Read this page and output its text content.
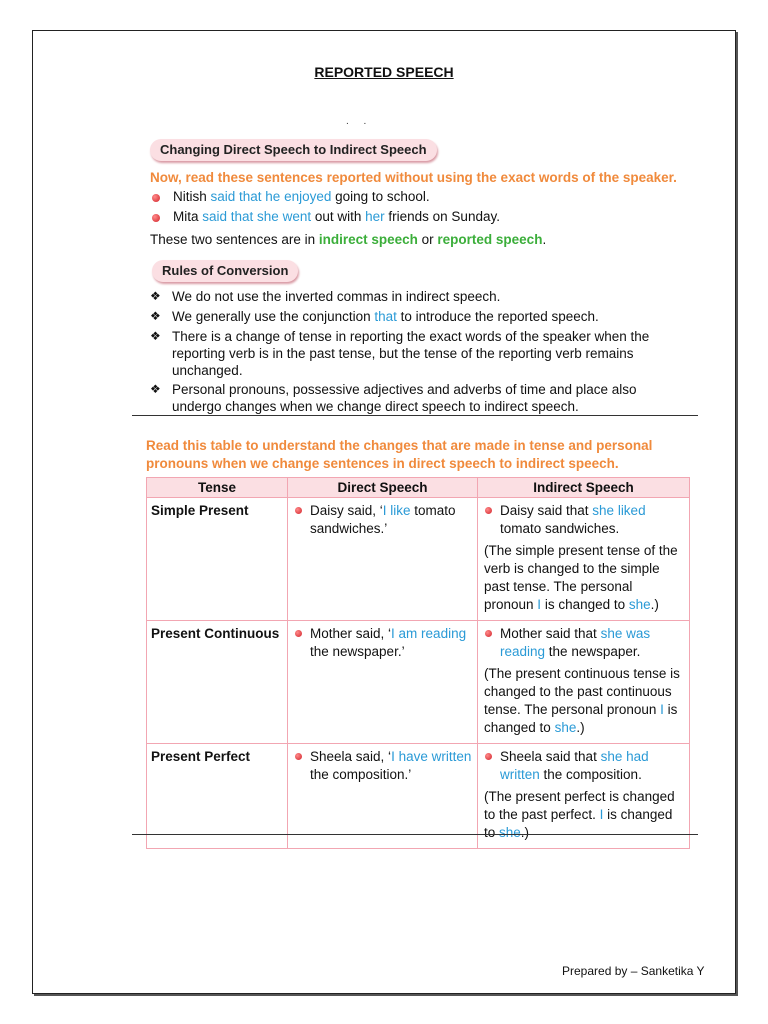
REPORTED SPEECH
. .
Changing Direct Speech to Indirect Speech
Now, read these sentences reported without using the exact words of the speaker.
Nitish said that he enjoyed going to school.
Mita said that she went out with her friends on Sunday.
These two sentences are in indirect speech or reported speech.
Rules of Conversion
❖ We do not use the inverted commas in indirect speech.
❖ We generally use the conjunction that to introduce the reported speech.
❖ There is a change of tense in reporting the exact words of the speaker when the reporting verb is in the past tense, but the tense of the reporting verb remains unchanged.
❖ Personal pronouns, possessive adjectives and adverbs of time and place also undergo changes when we change direct speech to indirect speech.
Read this table to understand the changes that are made in tense and personal pronouns when we change sentences in direct speech to indirect speech.
Tense	Direct Speech	Indirect Speech
Simple Present	Daisy said, ‘I like tomato sandwiches.’	Daisy said that she liked tomato sandwiches.
(The simple present tense of the verb is changed to the simple past tense. The personal pronoun I is changed to she.)

Present Continuous	Mother said, ‘I am reading the newspaper.’	Mother said that she was reading the newspaper.
(The present continuous tense is changed to the past continuous tense. The personal pronoun I is changed to she.)

Present Perfect	Sheela said, ‘I have written the composition.’	Sheela said that she had written the composition.
(The present perfect is changed to the past perfect. I is changed to she.)
Prepared by – Sanketika Y
